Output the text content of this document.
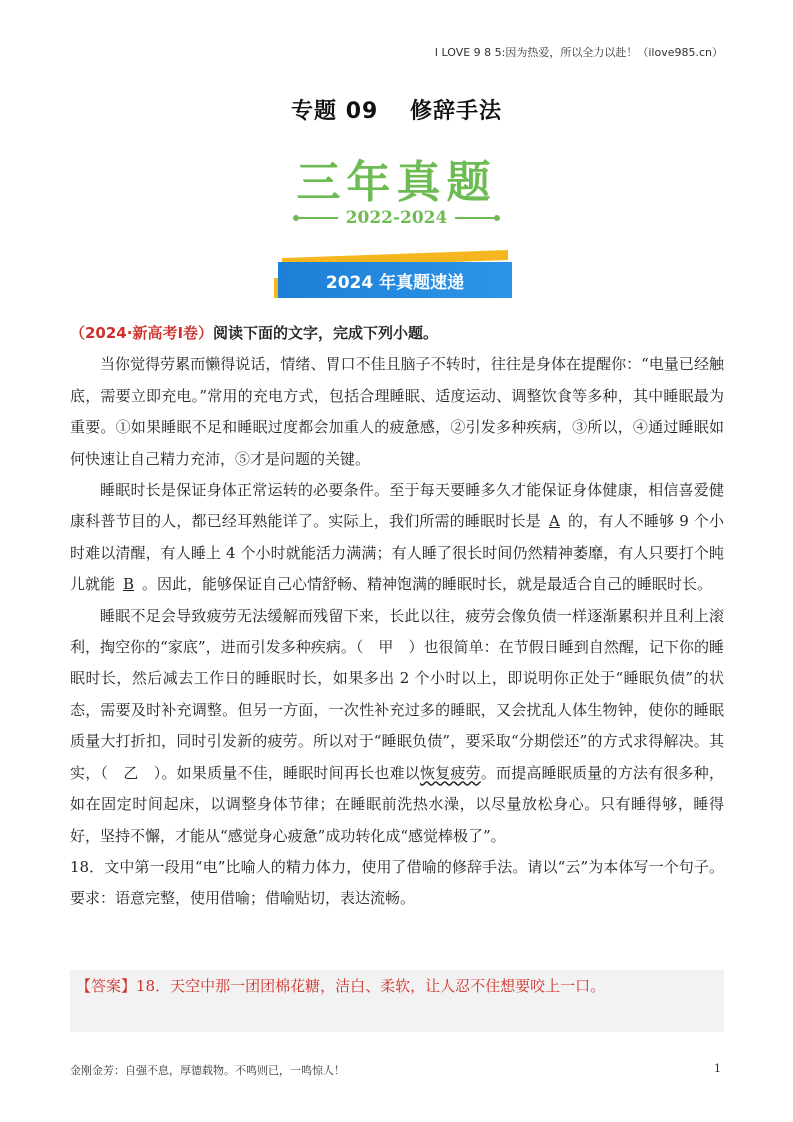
I LOVE 9 8 5:因为热爱，所以全力以赴！（ilove985.cn）
专题 09　 修辞手法
三年真题
2022-2024
2024 年真题速递

（2024·新高考Ⅰ卷）阅读下面的文字，完成下列小题。

当你觉得劳累而懒得说话，情绪、胃口不佳且脑子不转时，往往是身体在提醒你：“电量已经触底，需要立即充电。”常用的充电方式，包括合理睡眠、适度运动、调整饮食等多种，其中睡眠最为重要。①如果睡眠不足和睡眠过度都会加重人的疲惫感，②引发多种疾病，③所以，④通过睡眠如何快速让自己精力充沛，⑤才是问题的关键。

睡眠时长是保证身体正常运转的必要条件。至于每天要睡多久才能保证身体健康，相信喜爱健康科普节目的人，都已经耳熟能详了。实际上，我们所需的睡眠时长是 A 的，有人不睡够 9 个小时难以清醒，有人睡上 4 个小时就能活力满满；有人睡了很长时间仍然精神萎靡，有人只要打个盹儿就能 B 。因此，能够保证自己心情舒畅、精神饱满的睡眠时长，就是最适合自己的睡眠时长。

睡眠不足会导致疲劳无法缓解而残留下来，长此以往，疲劳会像负债一样逐渐累积并且利上滚利，掏空你的“家底”，进而引发多种疾病。（　甲　）也很简单：在节假日睡到自然醒，记下你的睡眠时长，然后减去工作日的睡眠时长，如果多出 2 个小时以上，即说明你正处于“睡眠负债”的状态，需要及时补充调整。但另一方面，一次性补充过多的睡眠，又会扰乱人体生物钟，使你的睡眠质量大打折扣，同时引发新的疲劳。所以对于“睡眠负债”，要采取“分期偿还”的方式求得解决。其实，（　乙　）。如果质量不佳，睡眠时间再长也难以恢复疲劳。而提高睡眠质量的方法有很多种，如在固定时间起床，以调整身体节律；在睡眠前洗热水澡，以尽量放松身心。只有睡得够，睡得好，坚持不懈，才能从“感觉身心疲惫”成功转化成“感觉棒极了”。

18．文中第一段用“电”比喻人的精力体力，使用了借喻的修辞手法。请以“云”为本体写一个句子。要求：语意完整，使用借喻；借喻贴切，表达流畅。

【答案】18．天空中那一团团棉花糖，洁白、柔软，让人忍不住想要咬上一口。

金刚金芳：自强不息，厚德载物。不鸣则已，一鸣惊人！	1
